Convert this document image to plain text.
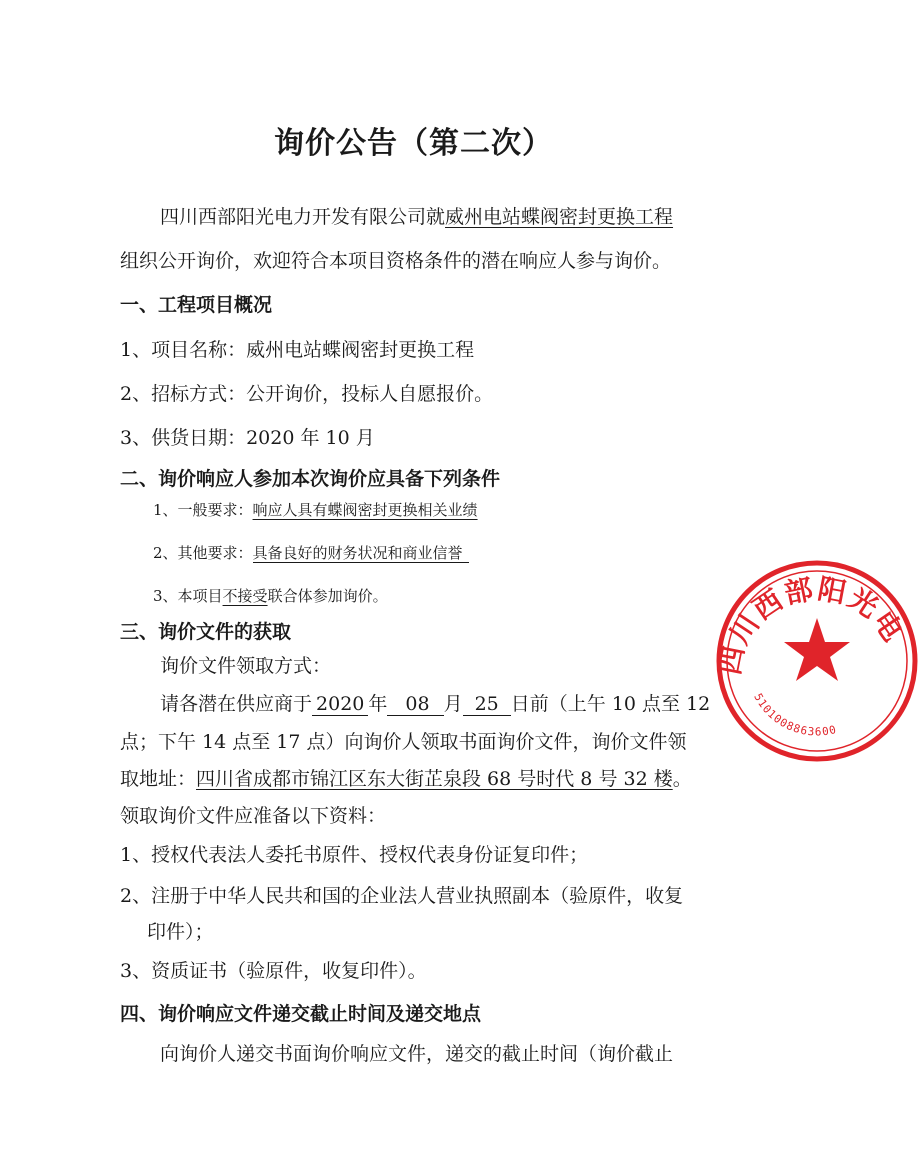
询价公告（第二次）
四川西部阳光电力开发有限公司就威州电站蝶阀密封更换工程
组织公开询价，欢迎符合本项目资格条件的潜在响应人参与询价。
一、工程项目概况
1、项目名称：威州电站蝶阀密封更换工程
2、招标方式：公开询价，投标人自愿报价。
3、供货日期：2020 年 10 月
二、询价响应人参加本次询价应具备下列条件
1、一般要求：响应人具有蝶阀密封更换相关业绩
2、其他要求：具备良好的财务状况和商业信誉
3、本项目不接受联合体参加询价。
三、询价文件的获取
询价文件领取方式：
请各潜在供应商于 2020 年 08 月 25 日前（上午 10 点至 12
点；下午 14 点至 17 点）向询价人领取书面询价文件，询价文件领
取地址：四川省成都市锦江区东大街芷泉段 68 号时代 8 号 32 楼。
领取询价文件应准备以下资料：
1、授权代表法人委托书原件、授权代表身份证复印件；
2、注册于中华人民共和国的企业法人营业执照副本（验原件，收复
印件）；
3、资质证书（验原件，收复印件）。
四、询价响应文件递交截止时间及递交地点
向询价人递交书面询价响应文件，递交的截止时间（询价截止
四川西部阳光电
5101008863600
